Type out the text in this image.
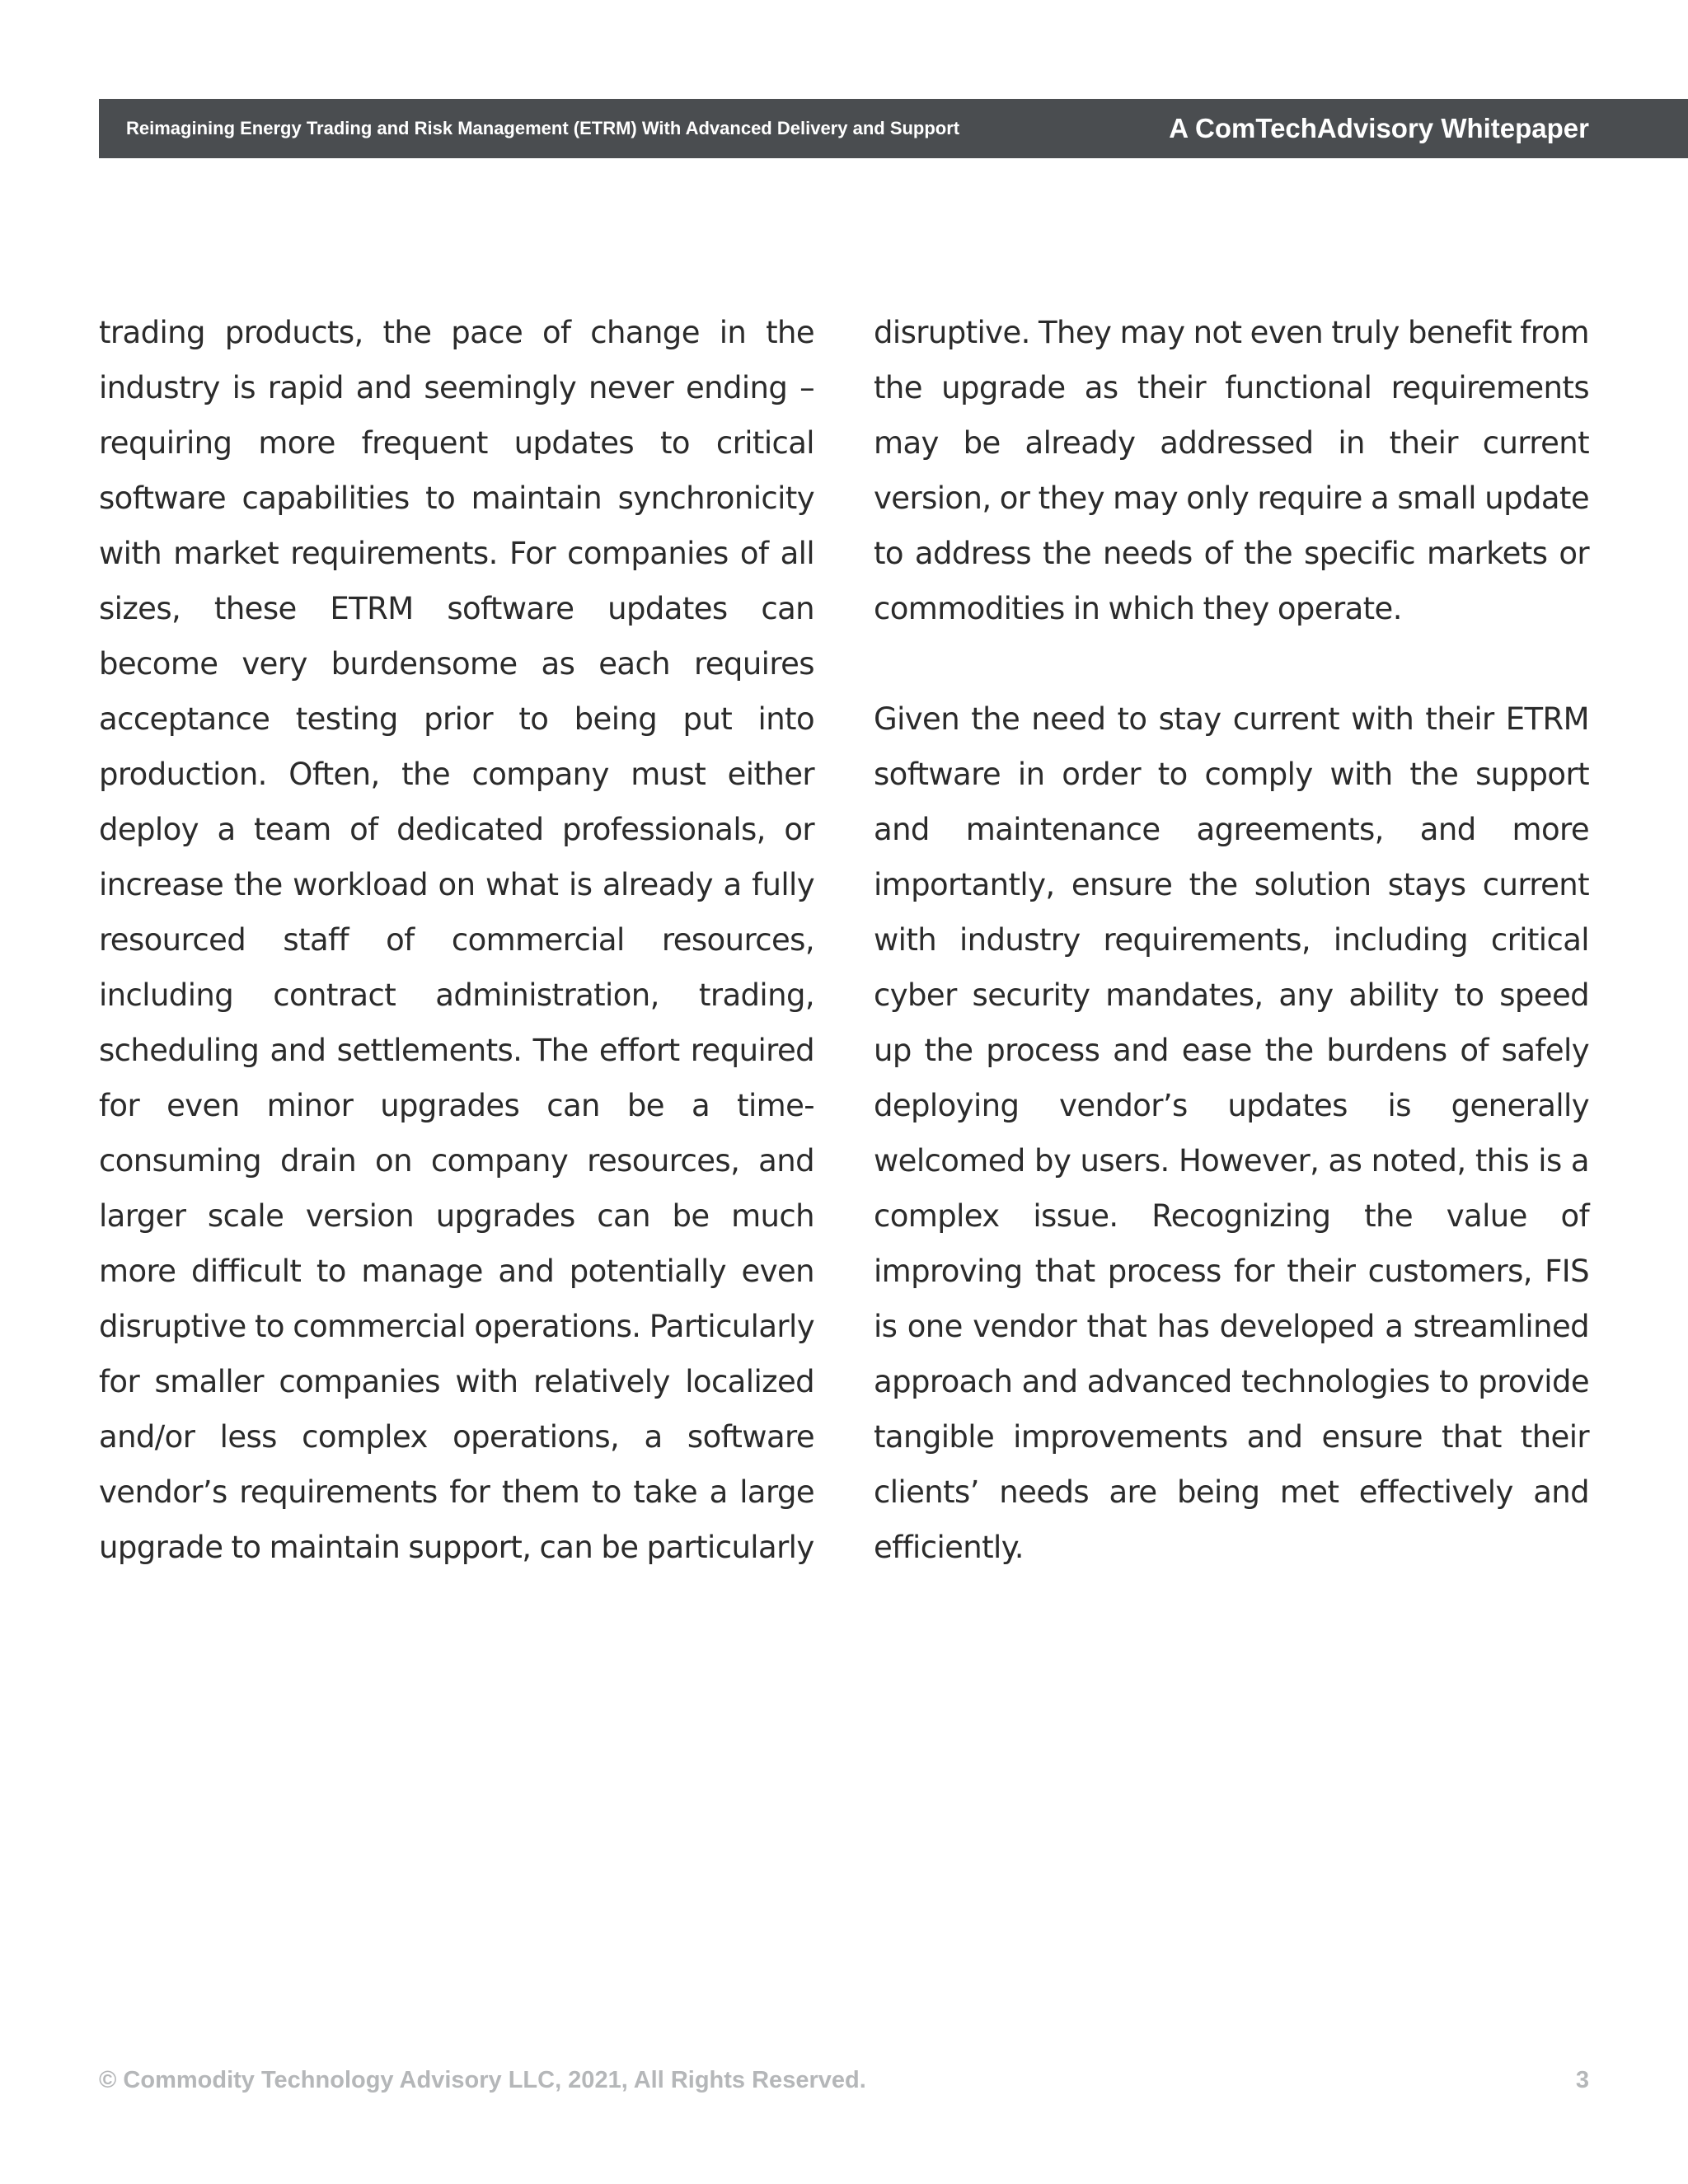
Reimagining Energy Trading and Risk Management (ETRM) With Advanced Delivery and Support	A ComTechAdvisory Whitepaper

trading products, the pace of change in the industry is rapid and seemingly never ending – requiring more frequent updates to critical software capabilities to maintain synchronicity with market requirements. For companies of all sizes, these ETRM software updates can become very burdensome as each requires acceptance testing prior to being put into production. Often, the company must either deploy a team of dedicated professionals, or increase the workload on what is already a fully resourced staff of commercial resources, including contract administration, trading, scheduling and settlements. The effort required for even minor upgrades can be a time-consuming drain on company resources, and larger scale version upgrades can be much more difficult to manage and potentially even disruptive to commercial operations. Particularly for smaller companies with relatively localized and/or less complex operations, a software vendor’s requirements for them to take a large upgrade to maintain support, can be particularly

disruptive. They may not even truly benefit from the upgrade as their functional requirements may be already addressed in their current version, or they may only require a small update to address the needs of the specific markets or commodities in which they operate.

Given the need to stay current with their ETRM software in order to comply with the support and maintenance agreements, and more importantly, ensure the solution stays current with industry requirements, including critical cyber security mandates, any ability to speed up the process and ease the burdens of safely deploying vendor’s updates is generally welcomed by users. However, as noted, this is a complex issue. Recognizing the value of improving that process for their customers, FIS is one vendor that has developed a streamlined approach and advanced technologies to provide tangible improvements and ensure that their clients’ needs are being met effectively and efficiently.

© Commodity Technology Advisory LLC, 2021, All Rights Reserved.	3
